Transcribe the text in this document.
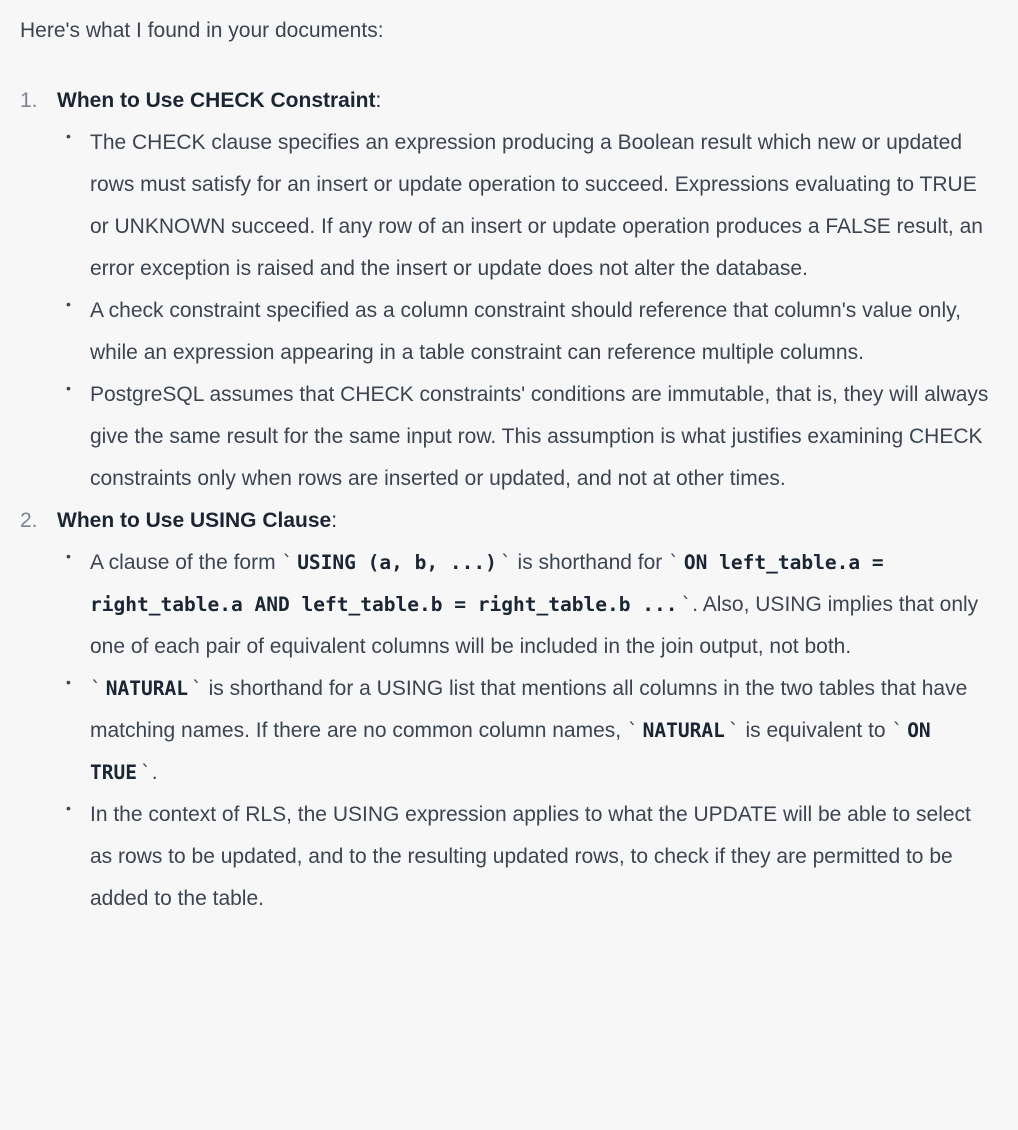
Here's what I found in your documents:

1. When to Use CHECK Constraint:
• The CHECK clause specifies an expression producing a Boolean result which new or updated rows must satisfy for an insert or update operation to succeed. Expressions evaluating to TRUE or UNKNOWN succeed. If any row of an insert or update operation produces a FALSE result, an error exception is raised and the insert or update does not alter the database.
• A check constraint specified as a column constraint should reference that column's value only, while an expression appearing in a table constraint can reference multiple columns.
• PostgreSQL assumes that CHECK constraints' conditions are immutable, that is, they will always give the same result for the same input row. This assumption is what justifies examining CHECK constraints only when rows are inserted or updated, and not at other times.
2. When to Use USING Clause:
• A clause of the form ` USING (a, b, ...) ` is shorthand for ` ON left_table.a = right_table.a AND left_table.b = right_table.b ... `. Also, USING implies that only one of each pair of equivalent columns will be included in the join output, not both.
• ` NATURAL ` is shorthand for a USING list that mentions all columns in the two tables that have matching names. If there are no common column names, ` NATURAL ` is equivalent to ` ON TRUE `.
• In the context of RLS, the USING expression applies to what the UPDATE will be able to select as rows to be updated, and to the resulting updated rows, to check if they are permitted to be added to the table.
